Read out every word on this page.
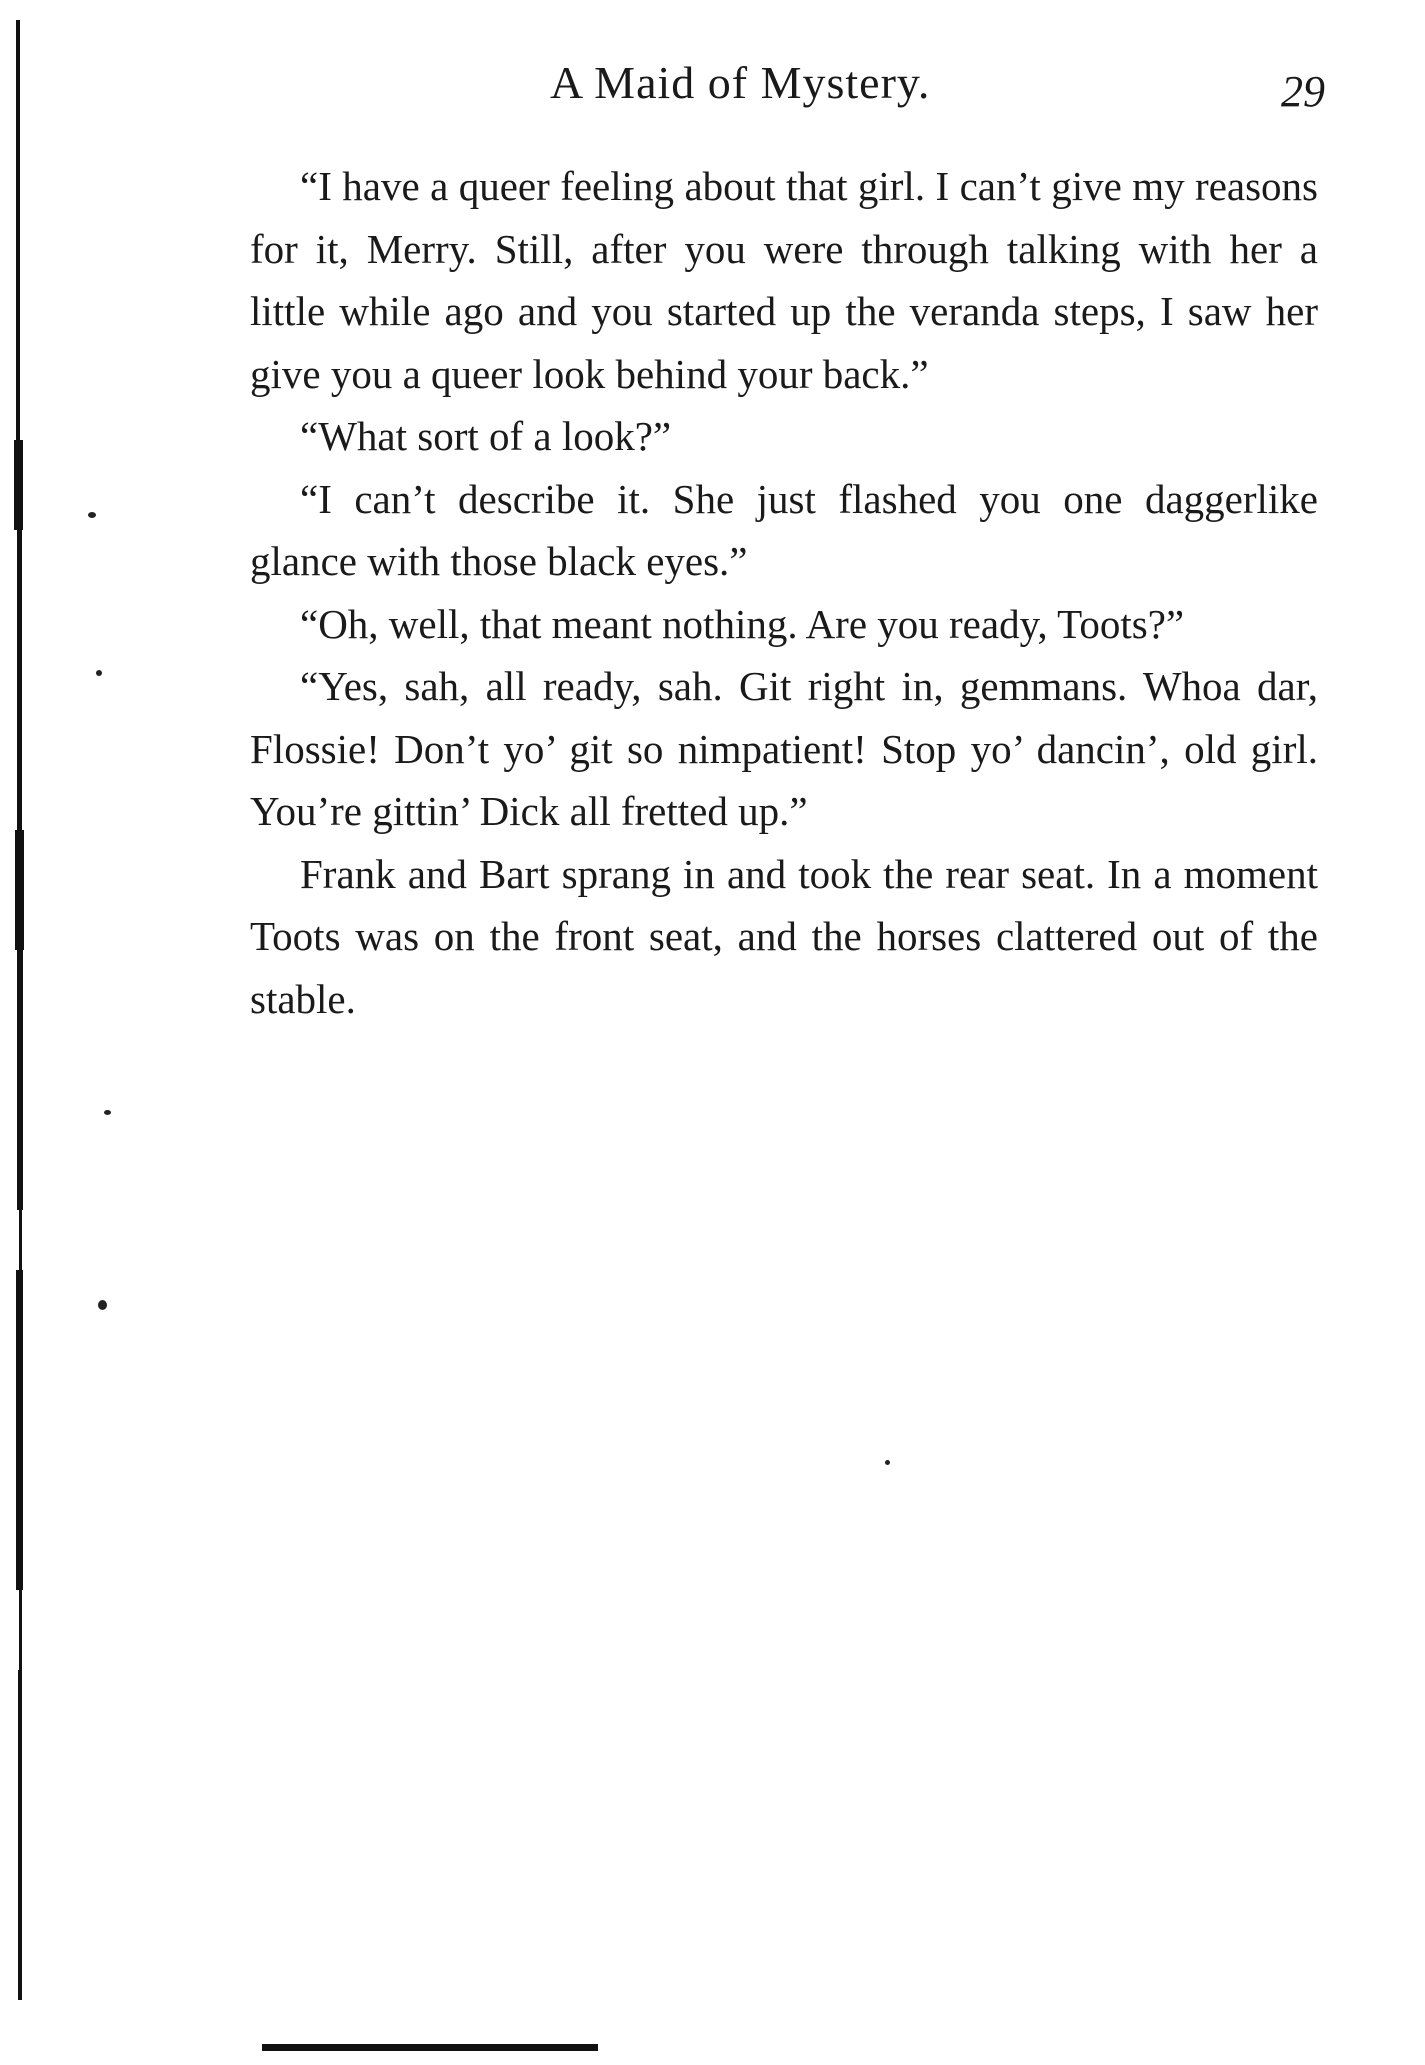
A Maid of Mystery.	29

“I have a queer feeling about that girl. I can’t give my reasons for it, Merry. Still, after you were through talking with her a little while ago and you started up the veranda steps, I saw her give you a queer look behind your back.”

“What sort of a look?”

“I can’t describe it. She just flashed you one daggerlike glance with those black eyes.”

“Oh, well, that meant nothing. Are you ready, Toots?”

“Yes, sah, all ready, sah. Git right in, gemmans. Whoa dar, Flossie! Don’t yo’ git so nimpatient! Stop yo’ dancin’, old girl. You’re gittin’ Dick all fretted up.”

Frank and Bart sprang in and took the rear seat. In a moment Toots was on the front seat, and the horses clattered out of the stable.
